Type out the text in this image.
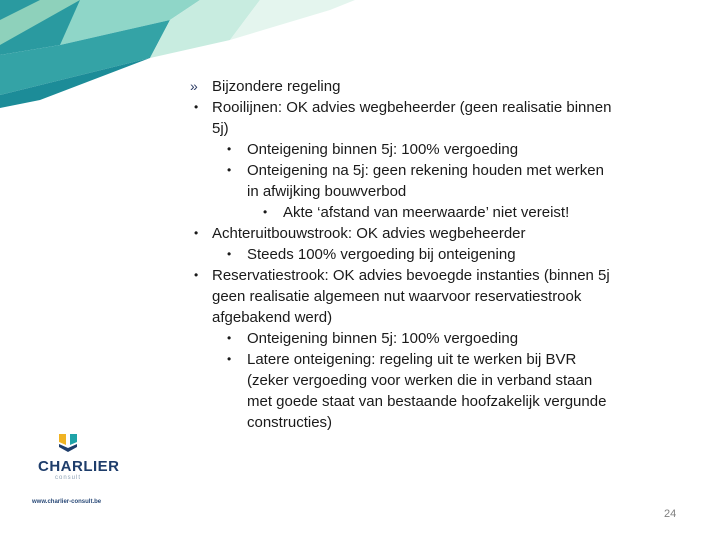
» Bijzondere regeling
• Rooilijnen: OK advies wegbeheerder (geen realisatie binnen
5j)
• Onteigening binnen 5j: 100% vergoeding
• Onteigening na 5j: geen rekening houden met werken
in afwijking bouwverbod
• Akte ‘afstand van meerwaarde’ niet vereist!
• Achteruitbouwstrook: OK advies wegbeheerder
• Steeds 100% vergoeding bij onteigening
• Reservatiestrook: OK advies bevoegde instanties (binnen 5j
geen realisatie algemeen nut waarvoor reservatiestrook
afgebakend werd)
• Onteigening binnen 5j: 100% vergoeding
• Latere onteigening: regeling uit te werken bij BVR
(zeker vergoeding voor werken die in verband staan
met goede staat van bestaande hoofzakelijk vergunde
constructies)
CHARLIER
consult
www.charlier-consult.be
24
